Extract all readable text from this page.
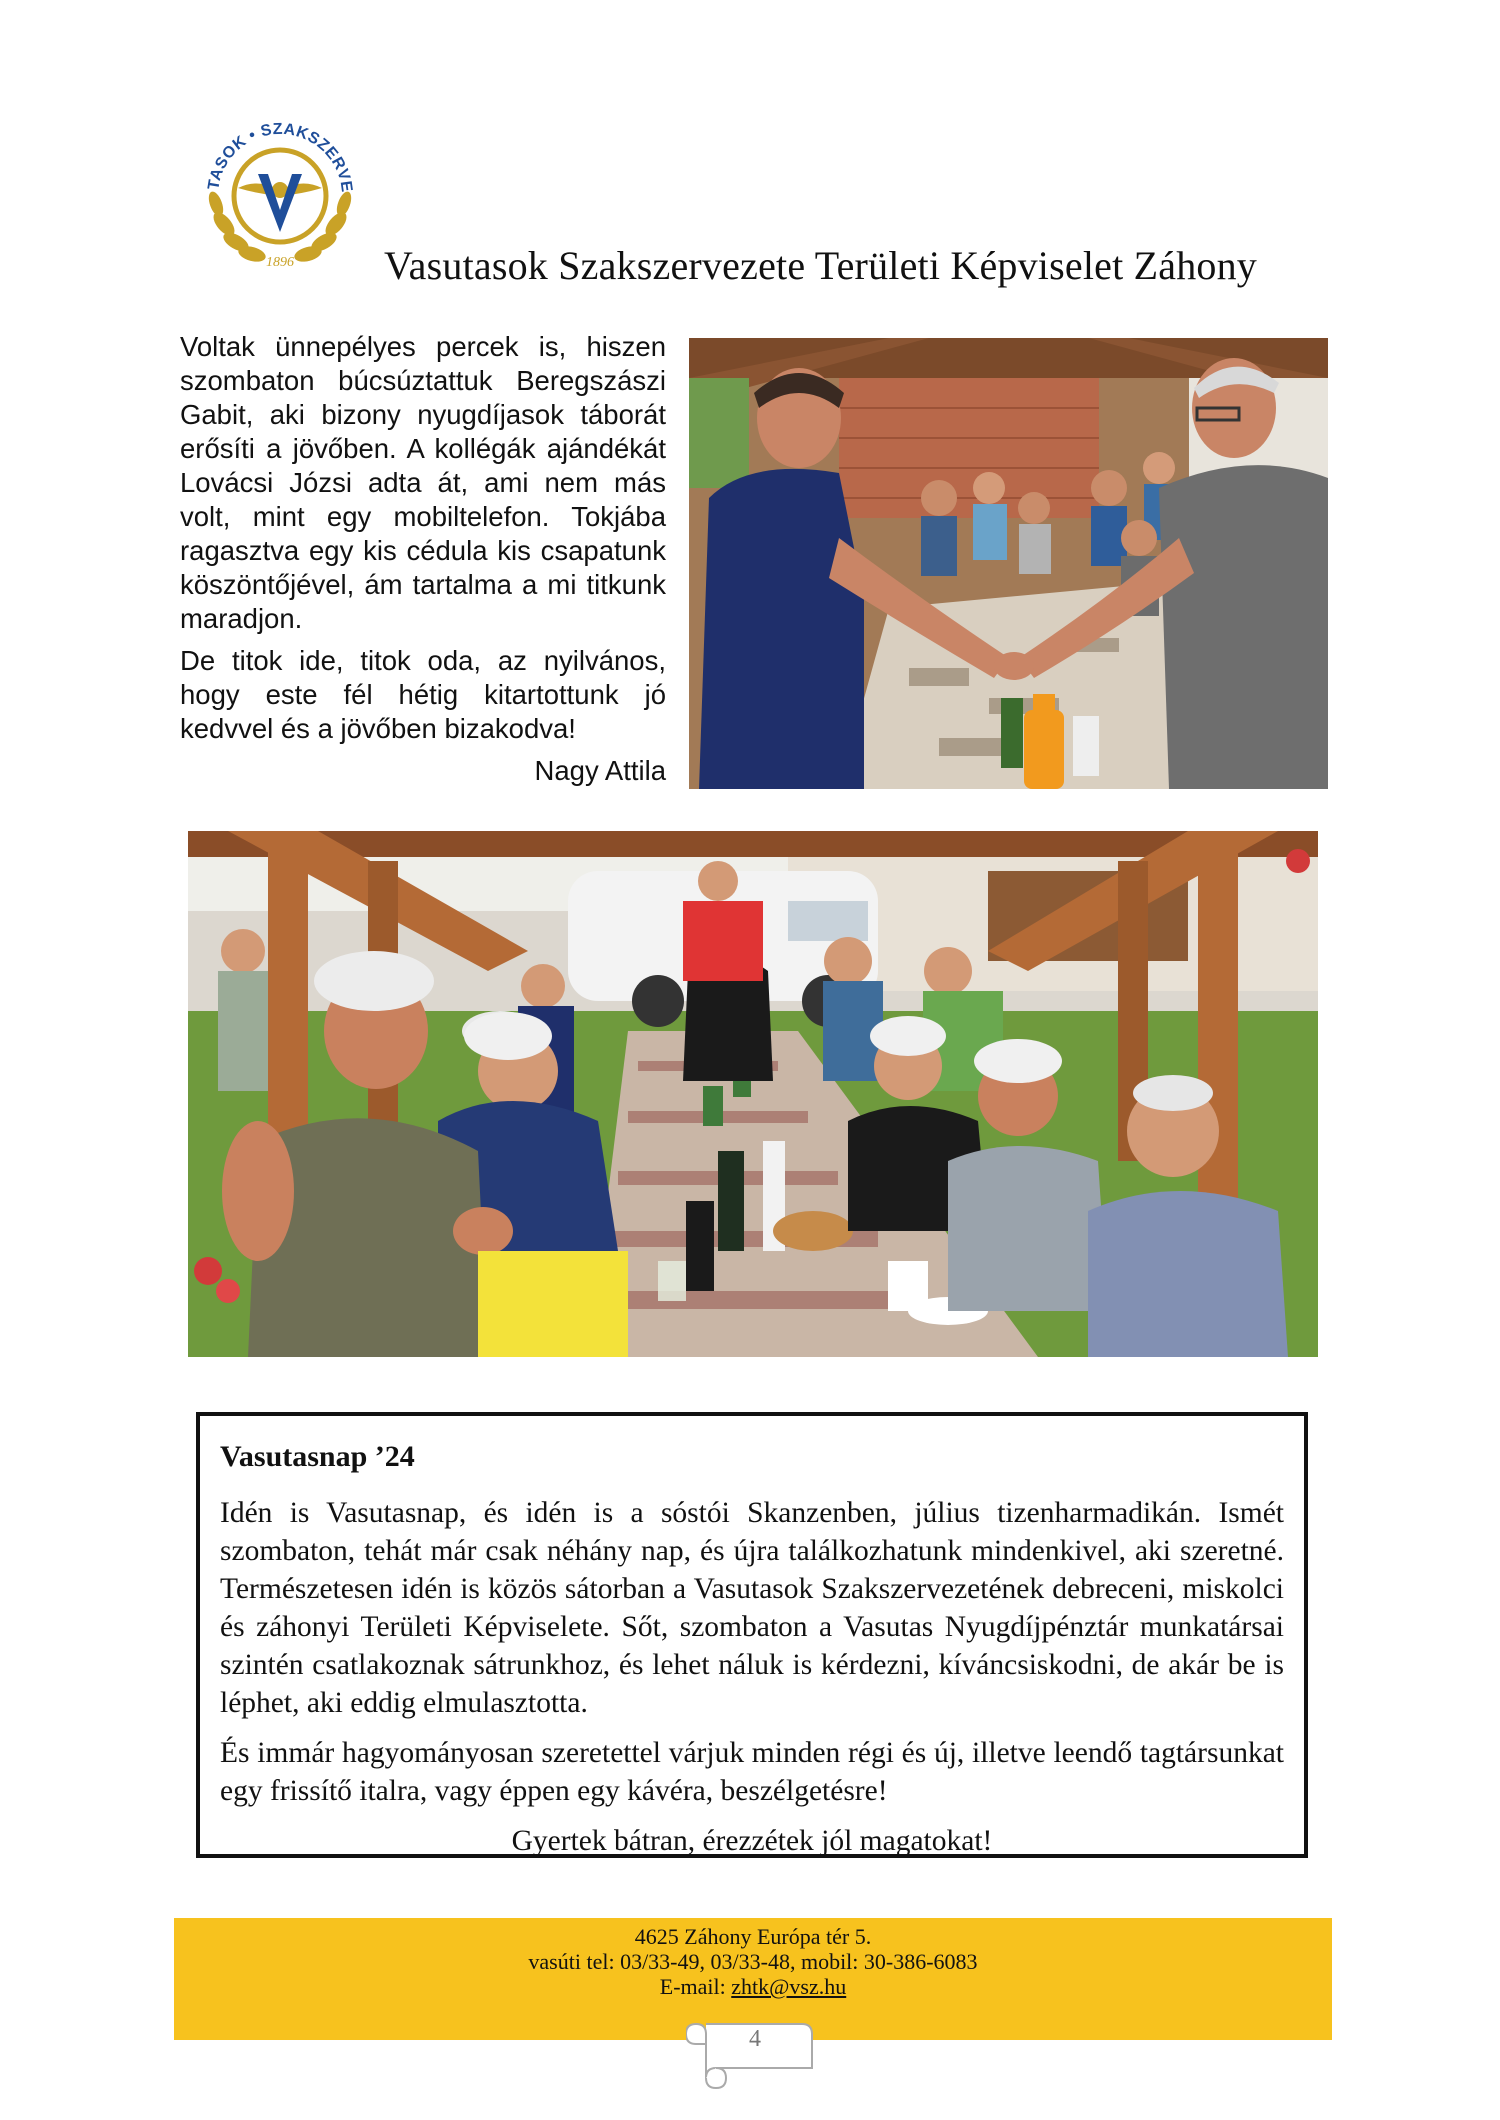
TASOK • SZAKSZERVE
1896 Vasutasok Szakszervezete Területi Képviselet Záhony

Voltak ünnepélyes percek is, hiszen szombaton búcsúztattuk Beregszászi Gabit, aki bizony nyugdíjasok táborát erősíti a jövőben. A kollégák ajándékát Lovácsi Józsi adta át, ami nem más volt, mint egy mobiltelefon. Tokjába ragasztva egy kis cédula kis csapatunk köszöntőjével, ám tartalma a mi titkunk maradjon.

De titok ide, titok oda, az nyilvános, hogy este fél hétig kitartottunk jó kedvvel és a jövőben bizakodva!

Nagy Attila

Vasutasnap ’24

Idén is Vasutasnap, és idén is a sóstói Skanzenben, július tizenharmadikán. Ismét szombaton, tehát már csak néhány nap, és újra találkozhatunk mindenkivel, aki szeretné. Természetesen idén is közös sátorban a Vasutasok Szakszervezetének debreceni, miskolci és záhonyi Területi Képviselete. Sőt, szombaton a Vasutas Nyugdíjpénztár munkatársai szintén csatlakoznak sátrunkhoz, és lehet náluk is kérdezni, kíváncsiskodni, de akár be is léphet, aki eddig elmulasztotta.

És immár hagyományosan szeretettel várjuk minden régi és új, illetve leendő tagtársunkat egy frissítő italra, vagy éppen egy kávéra, beszélgetésre!

Gyertek bátran, érezzétek jól magatokat!

4625 Záhony Európa tér 5.
vasúti tel: 03/33-49, 03/33-48, mobil: 30-386-6083
E-mail: zhtk@vsz.hu
4
